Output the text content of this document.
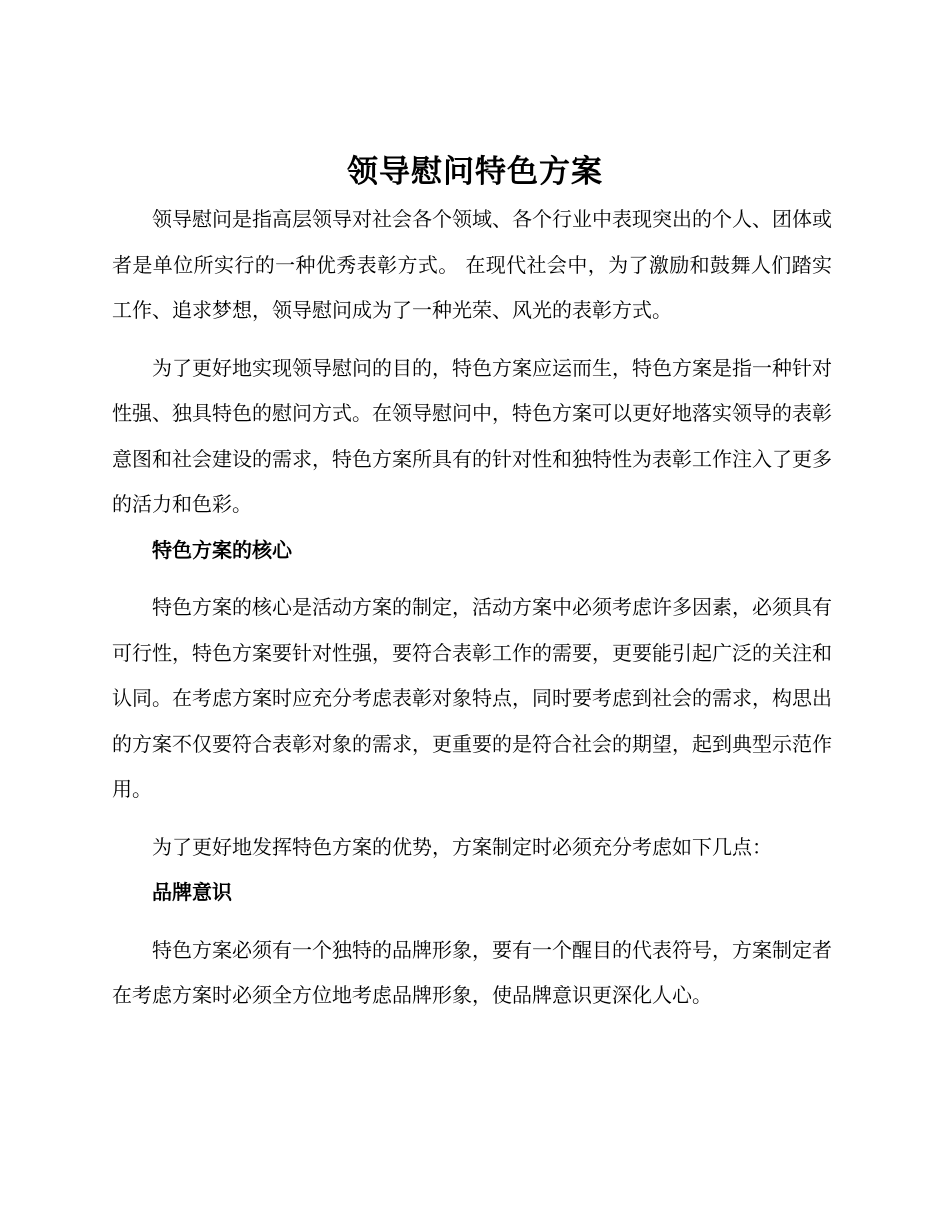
领导慰问特色方案

领导慰问是指高层领导对社会各个领域、各个行业中表现突出的个人、团体或者是单位所实行的一种优秀表彰方式。 在现代社会中，为了激励和鼓舞人们踏实工作、追求梦想，领导慰问成为了一种光荣、风光的表彰方式。

为了更好地实现领导慰问的目的，特色方案应运而生，特色方案是指一种针对性强、独具特色的慰问方式。在领导慰问中，特色方案可以更好地落实领导的表彰意图和社会建设的需求，特色方案所具有的针对性和独特性为表彰工作注入了更多的活力和色彩。

特色方案的核心

特色方案的核心是活动方案的制定，活动方案中必须考虑许多因素，必须具有可行性，特色方案要针对性强，要符合表彰工作的需要，更要能引起广泛的关注和认同。在考虑方案时应充分考虑表彰对象特点，同时要考虑到社会的需求，构思出的方案不仅要符合表彰对象的需求，更重要的是符合社会的期望，起到典型示范作用。

为了更好地发挥特色方案的优势，方案制定时必须充分考虑如下几点：

品牌意识

特色方案必须有一个独特的品牌形象，要有一个醒目的代表符号，方案制定者在考虑方案时必须全方位地考虑品牌形象，使品牌意识更深化人心。
